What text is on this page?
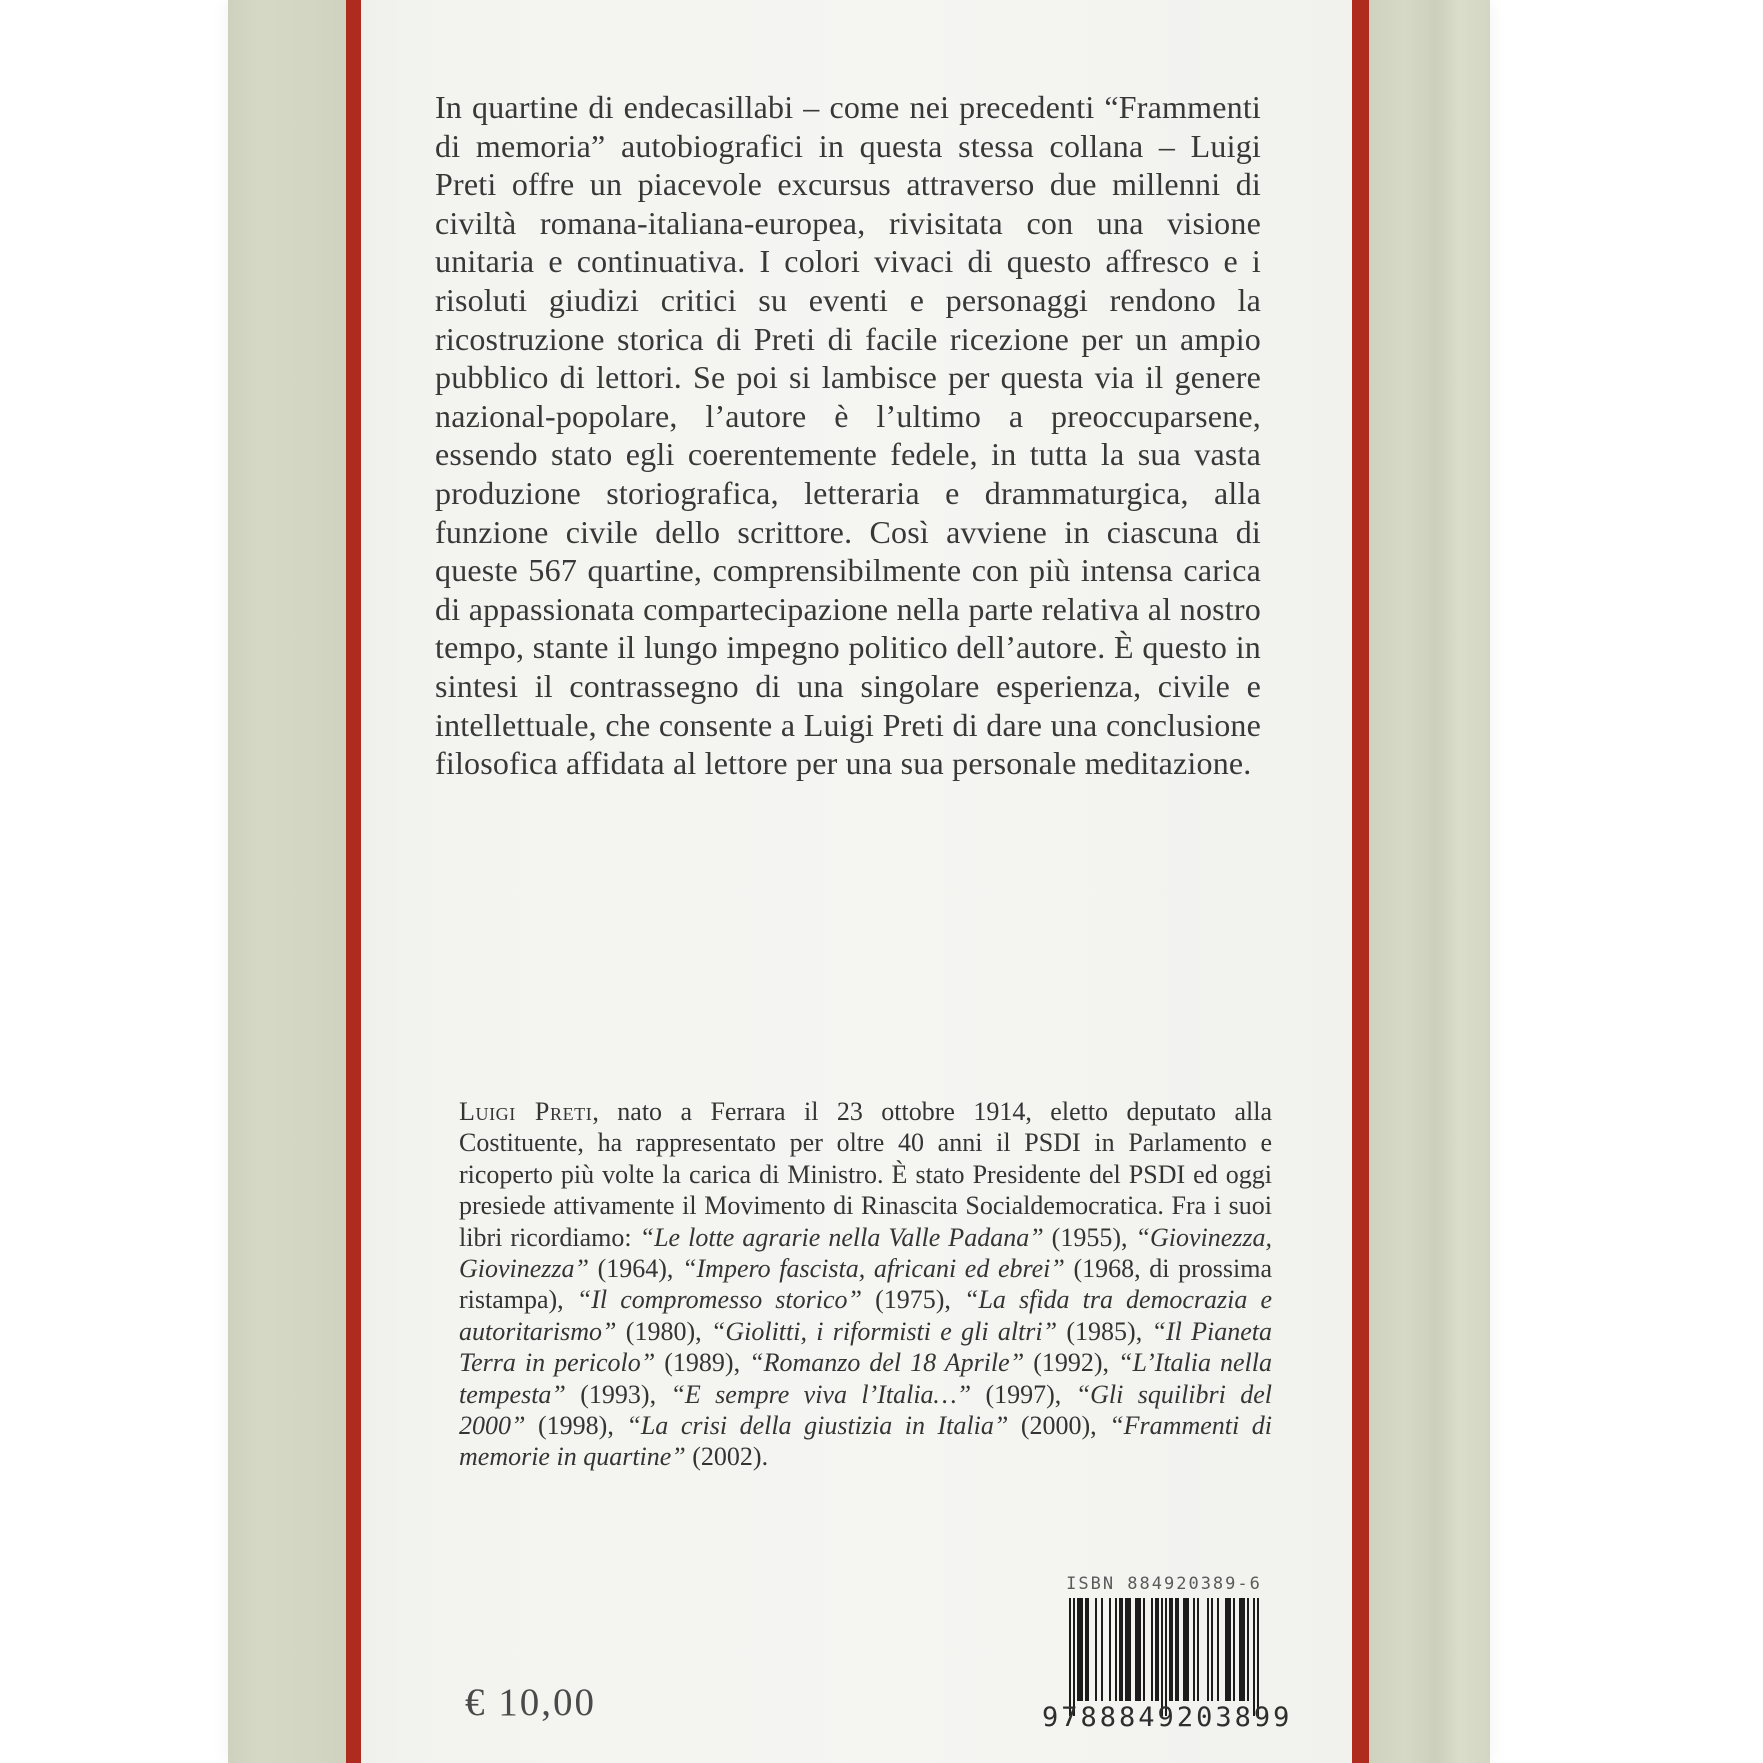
In quartine di endecasillabi – come nei precedenti “Frammenti di memoria” autobiografici in questa stessa collana – Luigi Preti offre un piacevole excursus attraverso due millenni di civiltà romana-italiana-europea, rivisitata con una visione unitaria e continuativa. I colori vivaci di questo affresco e i risoluti giudizi critici su eventi e personaggi rendono la ricostruzione storica di Preti di facile ricezione per un ampio pubblico di lettori. Se poi si lambisce per questa via il genere nazional-popolare, l’autore è l’ultimo a preoccuparsene, essendo stato egli coerentemente fedele, in tutta la sua vasta produzione storiografica, letteraria e drammaturgica, alla funzione civile dello scrittore. Così avviene in ciascuna di queste 567 quartine, comprensibilmente con più intensa carica di appassionata compartecipazione nella parte relativa al nostro tempo, stante il lungo impegno politico dell’autore. È questo in sintesi il contrassegno di una singolare esperienza, civile e intellettuale, che consente a Luigi Preti di dare una conclusione filosofica affidata al lettore per una sua personale meditazione.

Luigi Preti, nato a Ferrara il 23 ottobre 1914, eletto deputato alla Costituente, ha rappresentato per oltre 40 anni il PSDI in Parlamento e ricoperto più volte la carica di Ministro. È stato Presidente del PSDI ed oggi presiede attivamente il Movimento di Rinascita Socialdemocratica. Fra i suoi libri ricordiamo: “Le lotte agrarie nella Valle Padana” (1955), “Giovinezza, Giovinezza” (1964), “Impero fascista, africani ed ebrei” (1968, di prossima ristampa), “Il compromesso storico” (1975), “La sfida tra democrazia e autoritarismo” (1980), “Giolitti, i riformisti e gli altri” (1985), “Il Pianeta Terra in pericolo” (1989), “Romanzo del 18 Aprile” (1992), “L’Italia nella tempesta” (1993), “E sempre viva l’Italia…” (1997), “Gli squilibri del 2000” (1998), “La crisi della giustizia in Italia” (2000), “Frammenti di memorie in quartine” (2002).

€ 10,00
ISBN 884920389-6
9 788849 203899
